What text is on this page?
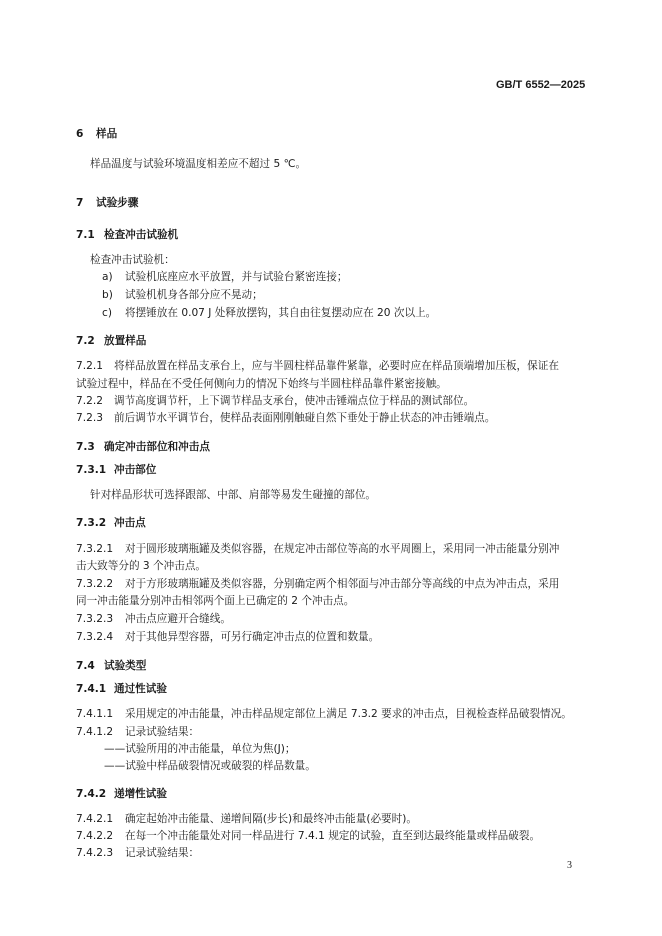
GB/T 6552—2025
6 样品
样品温度与试验环境温度相差应不超过 5 ℃。
7 试验步骤
7.1 检查冲击试验机
检查冲击试验机：
a) 试验机底座应水平放置，并与试验台紧密连接；
b) 试验机机身各部分应不晃动；
c) 将摆锤放在 0.07 J 处释放摆钩，其自由往复摆动应在 20 次以上。
7.2 放置样品
7.2.1 将样品放置在样品支承台上，应与半圆柱样品靠件紧靠，必要时应在样品顶端增加压板，保证在
试验过程中，样品在不受任何侧向力的情况下始终与半圆柱样品靠件紧密接触。
7.2.2 调节高度调节杆，上下调节样品支承台，使冲击锤端点位于样品的测试部位。
7.2.3 前后调节水平调节台，使样品表面刚刚触碰自然下垂处于静止状态的冲击锤端点。
7.3 确定冲击部位和冲击点
7.3.1 冲击部位
针对样品形状可选择跟部、中部、肩部等易发生碰撞的部位。
7.3.2 冲击点
7.3.2.1 对于圆形玻璃瓶罐及类似容器，在规定冲击部位等高的水平周圈上，采用同一冲击能量分别冲
击大致等分的 3 个冲击点。
7.3.2.2 对于方形玻璃瓶罐及类似容器，分别确定两个相邻面与冲击部分等高线的中点为冲击点，采用
同一冲击能量分别冲击相邻两个面上已确定的 2 个冲击点。
7.3.2.3 冲击点应避开合缝线。
7.3.2.4 对于其他异型容器，可另行确定冲击点的位置和数量。
7.4 试验类型
7.4.1 通过性试验
7.4.1.1 采用规定的冲击能量，冲击样品规定部位上满足 7.3.2 要求的冲击点，目视检查样品破裂情况。
7.4.1.2 记录试验结果：
——试验所用的冲击能量，单位为焦(J)；
——试验中样品破裂情况或破裂的样品数量。
7.4.2 递增性试验
7.4.2.1 确定起始冲击能量、递增间隔(步长)和最终冲击能量(必要时)。
7.4.2.2 在每一个冲击能量处对同一样品进行 7.4.1 规定的试验，直至到达最终能量或样品破裂。
7.4.2.3 记录试验结果：
3
